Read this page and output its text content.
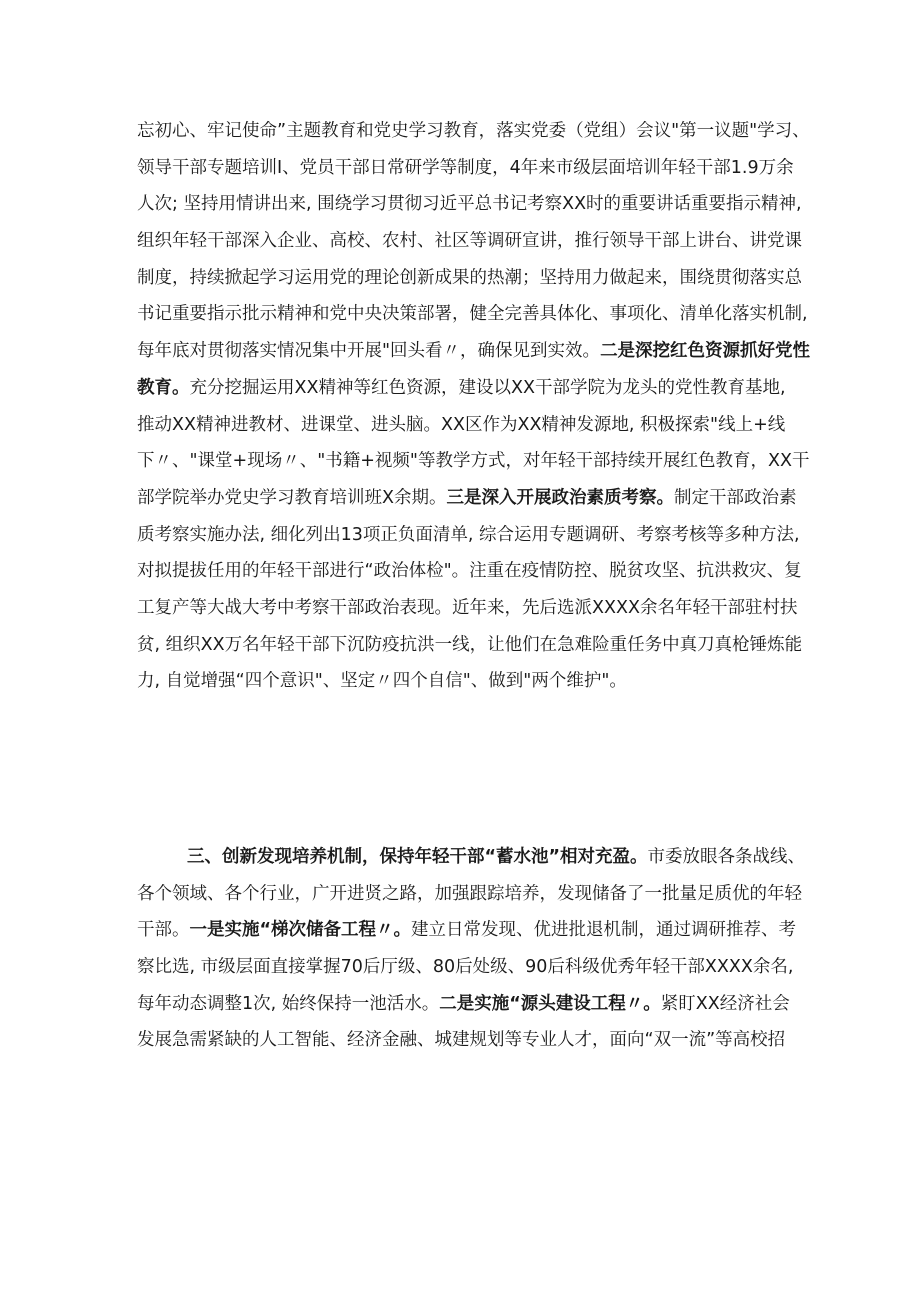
忘初心、牢记使命”主题教育和党史学习教育，落实党委（党组）会议"第一议题"学习、
领导干部专题培训I、党员干部日常研学等制度，4年来市级层面培训年轻干部1.9万余
人次; 坚持用情讲出来, 围绕学习贯彻习近平总书记考察XX时的重要讲话重要指示精神,
组织年轻干部深入企业、高校、农村、社区等调研宣讲，推行领导干部上讲台、讲党课
制度，持续掀起学习运用党的理论创新成果的热潮；坚持用力做起来，围绕贯彻落实总
书记重要指示批示精神和党中央决策部署，健全完善具体化、事项化、清单化落实机制,
每年底对贯彻落实情况集中开展"回头看〃，确保见到实效。二是深挖红色资源抓好党性
教育。充分挖掘运用XX精神等红色资源，建设以XX干部学院为龙头的党性教育基地,
推动XX精神进教材、进课堂、进头脑。XX区作为XX精神发源地, 积极探索"线上+线
下〃、"课堂+现场〃、"书籍+视频"等教学方式，对年轻干部持续开展红色教育，XX干
部学院举办党史学习教育培训班X余期。三是深入开展政治素质考察。制定干部政治素
质考察实施办法, 细化列出13项正负面清单, 综合运用专题调研、考察考核等多种方法,
对拟提拔任用的年轻干部进行“政治体检"。注重在疫情防控、脱贫攻坚、抗洪救灾、复
工复产等大战大考中考察干部政治表现。近年来，先后选派XXXX余名年轻干部驻村扶
贫, 组织XX万名年轻干部下沉防疫抗洪一线，让他们在急难险重任务中真刀真枪锤炼能
力, 自觉增强“四个意识"、坚定〃四个自信"、做到"两个维护"。
三、创新发现培养机制，保持年轻干部“蓄水池”相对充盈。市委放眼各条战线、
各个领域、各个行业，广开进贤之路，加强跟踪培养，发现储备了一批量足质优的年轻
干部。一是实施“梯次储备工程〃。建立日常发现、优进批退机制，通过调研推荐、考
察比选, 市级层面直接掌握70后厅级、80后处级、90后科级优秀年轻干部XXXX余名,
每年动态调整1次, 始终保持一池活水。二是实施“源头建设工程〃。紧盯XX经济社会
发展急需紧缺的人工智能、经济金融、城建规划等专业人才，面向“双一流”等高校招
